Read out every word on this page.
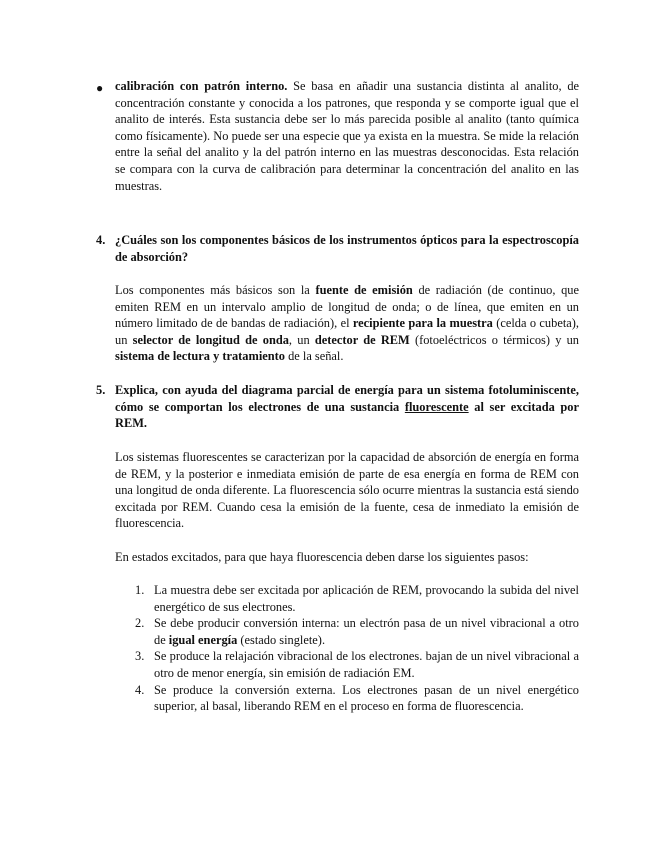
● calibración con patrón interno. Se basa en añadir una sustancia distinta al analito, de concentración constante y conocida a los patrones, que responda y se comporte igual que el analito de interés. Esta sustancia debe ser lo más parecida posible al analito (tanto química como físicamente). No puede ser una especie que ya exista en la muestra. Se mide la relación entre la señal del analito y la del patrón interno en las muestras desconocidas. Esta relación se compara con la curva de calibración para determinar la concentración del analito en las muestras.

4. ¿Cuáles son los componentes básicos de los instrumentos ópticos para la espectroscopía de absorción?

Los componentes más básicos son la fuente de emisión de radiación (de continuo, que emiten REM en un intervalo amplio de longitud de onda; o de línea, que emiten en un número limitado de de bandas de radiación), el recipiente para la muestra (celda o cubeta), un selector de longitud de onda, un detector de REM (fotoeléctricos o térmicos) y un sistema de lectura y tratamiento de la señal.

5. Explica, con ayuda del diagrama parcial de energía para un sistema fotoluminiscente, cómo se comportan los electrones de una sustancia fluorescente al ser excitada por REM.

Los sistemas fluorescentes se caracterizan por la capacidad de absorción de energía en forma de REM, y la posterior e inmediata emisión de parte de esa energía en forma de REM con una longitud de onda diferente. La fluorescencia sólo ocurre mientras la sustancia está siendo excitada por REM. Cuando cesa la emisión de la fuente, cesa de inmediato la emisión de fluorescencia.

En estados excitados, para que haya fluorescencia deben darse los siguientes pasos:

1. La muestra debe ser excitada por aplicación de REM, provocando la subida del nivel energético de sus electrones.
2. Se debe producir conversión interna: un electrón pasa de un nivel vibracional a otro de igual energía (estado singlete).
3. Se produce la relajación vibracional de los electrones. bajan de un nivel vibracional a otro de menor energía, sin emisión de radiación EM.
4. Se produce la conversión externa. Los electrones pasan de un nivel energético superior, al basal, liberando REM en el proceso en forma de fluorescencia.
